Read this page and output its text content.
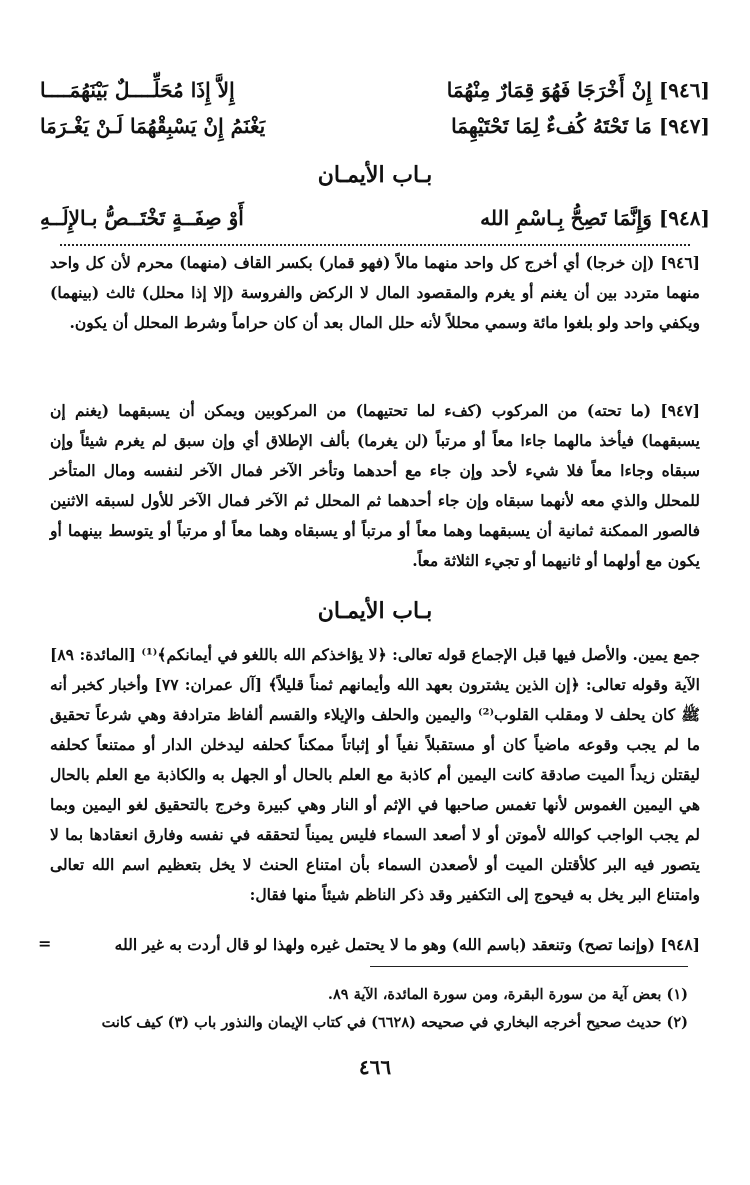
[٩٤٦] إِنْ أَخْرَجَا فَهُوَ قِمَارٌ مِنْهُمَا
إِلاَّ إِذَا مُحَلِّــــلٌ بَيْنَهُمَــــا
[٩٤٧] مَا تَحْتَهُ كُفءٌ لِمَا تَحْتَيْهِمَا
يَغْنَمُ إِنْ يَسْبِقْهُمَا لَـنْ يَغْـرَمَا
بـاب الأيمـان
[٩٤٨] وَإِنَّمَا تَصِحُّ بِـاسْمِ الله
أَوْ صِفَــةٍ تَخْتَــصُّ بـالإِلَــهِ

[٩٤٦] (إن خرجا) أي أخرج كل واحد منهما مالاً (فهو قمار) بكسر القاف (منهما) محرم لأن كل واحد منهما متردد بين أن يغنم أو يغرم والمقصود المال لا الركض والفروسة (إلا إذا محلل) ثالث (بينهما) ويكفي واحد ولو بلغوا مائة وسمي محللاً لأنه حلل المال بعد أن كان حراماً وشرط المحلل أن يكون.

[٩٤٧] (ما تحته) من المركوب (كفء لما تحتيهما) من المركوبين ويمكن أن يسبقهما (يغنم إن يسبقهما) فيأخذ مالهما جاءا معاً أو مرتباً (لن يغرما) بألف الإطلاق أي وإن سبق لم يغرم شيئاً وإن سبقاه وجاءا معاً فلا شيء لأحد وإن جاء مع أحدهما وتأخر الآخر فمال الآخر لنفسه ومال المتأخر للمحلل والذي معه لأنهما سبقاه وإن جاء أحدهما ثم المحلل ثم الآخر فمال الآخر للأول لسبقه الاثنين فالصور الممكنة ثمانية أن يسبقهما وهما معاً أو مرتباً أو يسبقاه وهما معاً أو مرتباً أو يتوسط بينهما أو يكون مع أولهما أو ثانيهما أو تجيء الثلاثة معاً.

بـاب الأيمـان

جمع يمين. والأصل فيها قبل الإجماع قوله تعالى: ﴿لا يؤاخذكم الله باللغو في أيمانكم﴾⁽¹⁾ [المائدة: ٨٩] الآية وقوله تعالى: ﴿إن الذين يشترون بعهد الله وأيمانهم ثمناً قليلاً﴾ [آل عمران: ٧٧] وأخبار كخبر أنه ﷺ كان يحلف لا ومقلب القلوب⁽²⁾ واليمين والحلف والإيلاء والقسم ألفاظ مترادفة وهي شرعاً تحقيق ما لم يجب وقوعه ماضياً كان أو مستقبلاً نفياً أو إثباتاً ممكناً كحلفه ليدخلن الدار أو ممتنعاً كحلفه ليقتلن زيداً الميت صادقة كانت اليمين أم كاذبة مع العلم بالحال أو الجهل به والكاذبة مع العلم بالحال هي اليمين الغموس لأنها تغمس صاحبها في الإثم أو النار وهي كبيرة وخرج بالتحقيق لغو اليمين وبما لم يجب الواجب كوالله لأموتن أو لا أصعد السماء فليس يميناً لتحققه في نفسه وفارق انعقادها بما لا يتصور فيه البر كلأقتلن الميت أو لأصعدن السماء بأن امتناع الحنث لا يخل بتعظيم اسم الله تعالى وامتناع البر يخل به فيحوج إلى التكفير وقد ذكر الناظم شيئاً منها فقال:

[٩٤٨] (وإنما تصح) وتنعقد (باسم الله) وهو ما لا يحتمل غيره ولهذا لو قال أردت به غير الله

=
(١) بعض آية من سورة البقرة، ومن سورة المائدة، الآية ٨٩.
(٢) حديث صحيح أخرجه البخاري في صحيحه (٦٦٢٨) في كتاب الإيمان والنذور باب (٣) كيف كانت
٤٦٦
